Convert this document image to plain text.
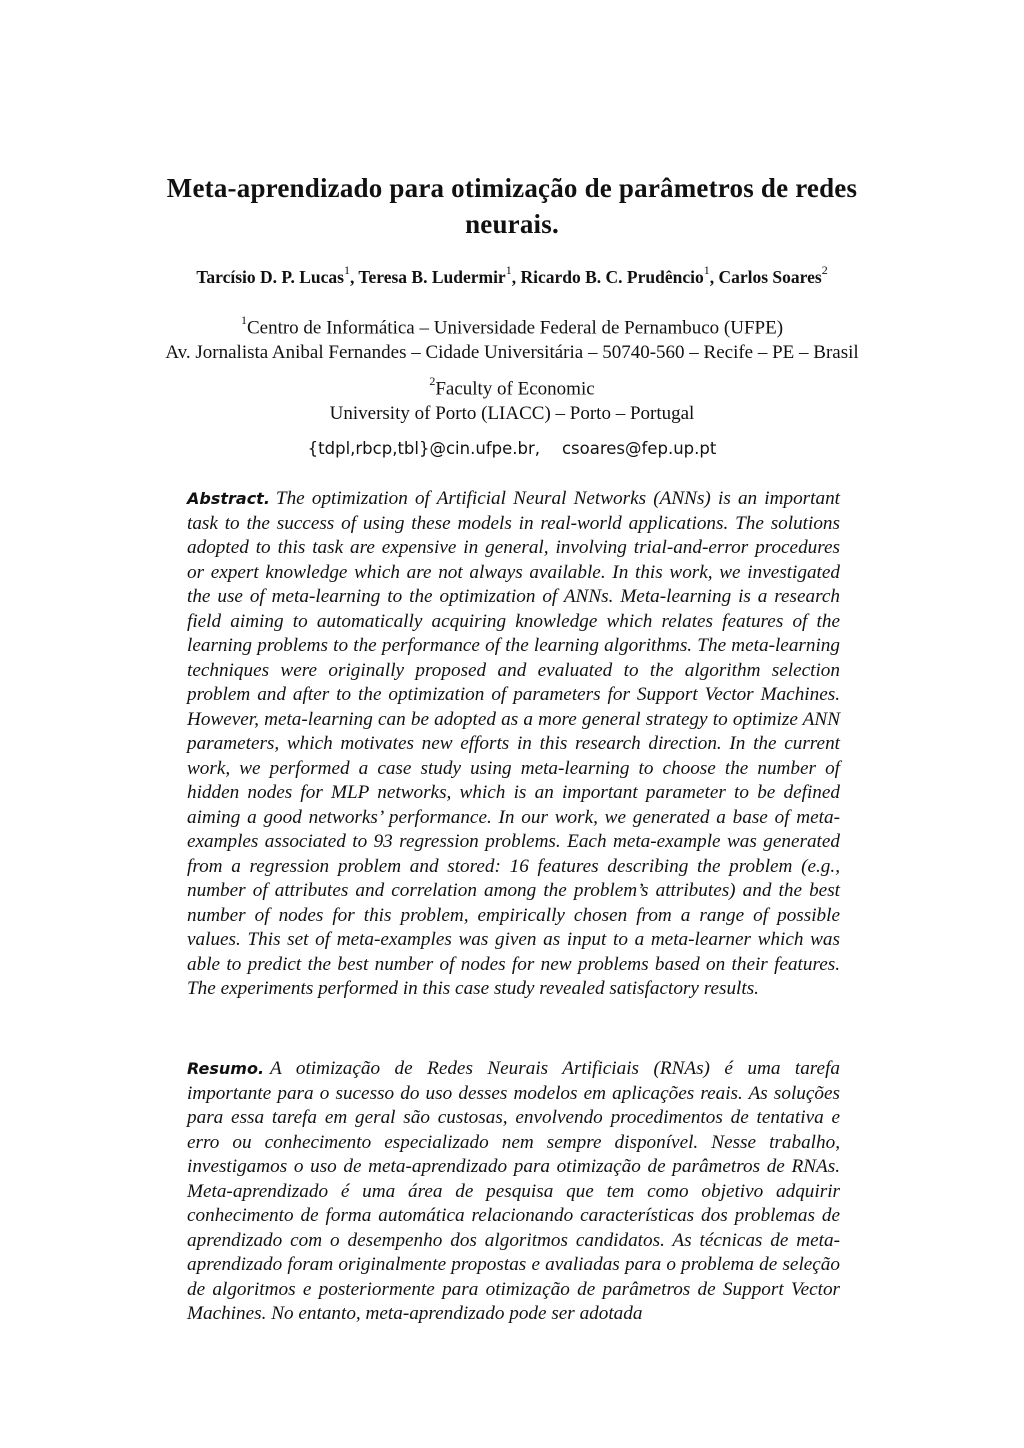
Meta-aprendizado para otimização de parâmetros de redes
neurais.
Tarcísio D. P. Lucas$^1$, Teresa B. Ludermir$^1$, Ricardo B. C. Prudêncio$^1$, Carlos Soares$^2$
$^1$Centro de Informática – Universidade Federal de Pernambuco (UFPE)
Av. Jornalista Anibal Fernandes – Cidade Universitária – 50740-560 – Recife – PE – Brasil
$^2$Faculty of Economic
University of Porto (LIACC) – Porto – Portugal
{tdpl,rbcp,tbl}@cin.ufpe.br, csoares@fep.up.pt
Abstract. The optimization of Artificial Neural Networks (ANNs) is an important task to the success of using these models in real-world applications. The solutions adopted to this task are expensive in general, involving trial-and-error procedures or expert knowledge which are not always available. In this work, we investigated the use of meta-learning to the optimization of ANNs. Meta-learning is a research field aiming to automatically acquiring knowledge which relates features of the learning problems to the performance of the learning algorithms. The meta-learning techniques were originally proposed and evaluated to the algorithm selection problem and after to the optimization of parameters for Support Vector Machines. However, meta-learning can be adopted as a more general strategy to optimize ANN parameters, which motivates new efforts in this research direction. In the current work, we performed a case study using meta-learning to choose the number of hidden nodes for MLP networks, which is an important parameter to be defined aiming a good networks’ performance. In our work, we generated a base of meta-examples associated to 93 regression problems. Each meta-example was generated from a regression problem and stored: 16 features describing the problem (e.g., number of attributes and correlation among the problem’s attributes) and the best number of nodes for this problem, empirically chosen from a range of possible values. This set of meta-examples was given as input to a meta-learner which was able to predict the best number of nodes for new problems based on their features. The experiments performed in this case study revealed satisfactory results.
Resumo. A otimização de Redes Neurais Artificiais (RNAs) é uma tarefa importante para o sucesso do uso desses modelos em aplicações reais. As soluções para essa tarefa em geral são custosas, envolvendo procedimentos de tentativa e erro ou conhecimento especializado nem sempre disponível. Nesse trabalho, investigamos o uso de meta-aprendizado para otimização de parâmetros de RNAs. Meta-aprendizado é uma área de pesquisa que tem como objetivo adquirir conhecimento de forma automática relacionando características dos problemas de aprendizado com o desempenho dos algoritmos candidatos. As técnicas de meta-aprendizado foram originalmente propostas e avaliadas para o problema de seleção de algoritmos e posteriormente para otimização de parâmetros de Support Vector Machines. No entanto, meta-aprendizado pode ser adotada
